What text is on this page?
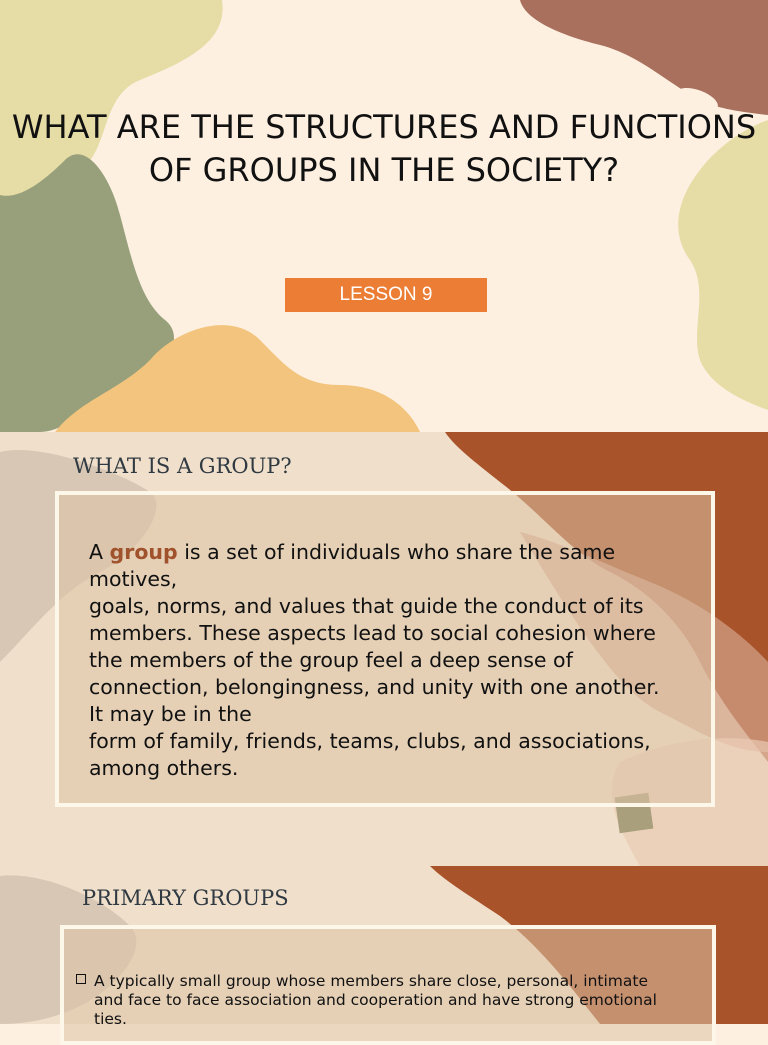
WHAT ARE THE STRUCTURES AND FUNCTIONS
OF GROUPS IN THE SOCIETY?
LESSON 9
WHAT IS A GROUP?

A group is a set of individuals who share the same
motives,
goals, norms, and values that guide the conduct of its
members. These aspects lead to social cohesion where
the members of the group feel a deep sense of
connection, belongingness, and unity with one another.
It may be in the
form of family, friends, teams, clubs, and associations,
among others.

PRIMARY GROUPS
A typically small group whose members share close, personal, intimate
and face to face association and cooperation and have strong emotional
ties.
